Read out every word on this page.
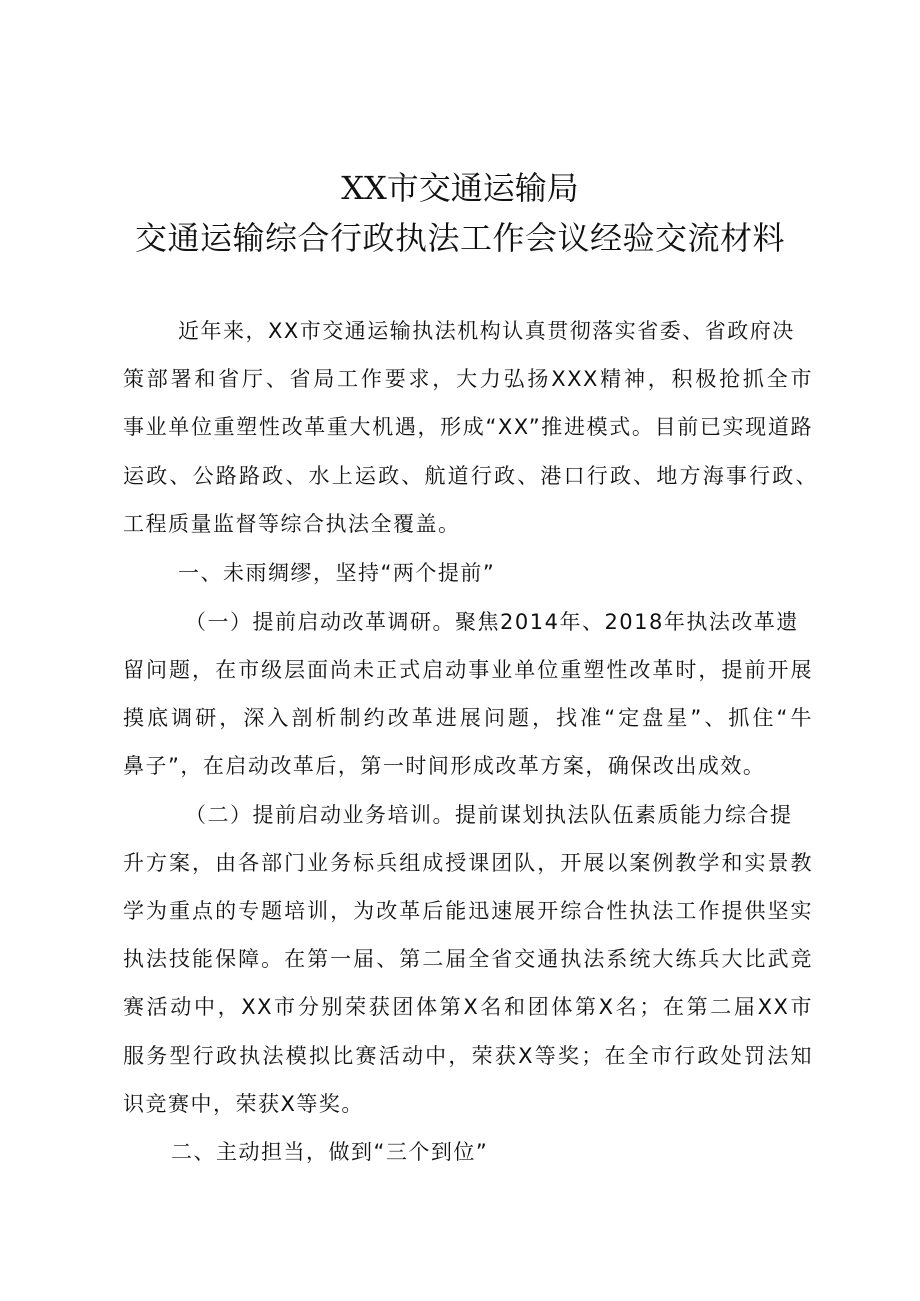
XX市交通运输局
交通运输综合行政执法工作会议经验交流材料
近年来，XX市交通运输执法机构认真贯彻落实省委、省政府决
策部署和省厅、省局工作要求，大力弘扬XXX精神，积极抢抓全市
事业单位重塑性改革重大机遇，形成“XX”推进模式。目前已实现道路
运政、公路路政、水上运政、航道行政、港口行政、地方海事行政、
工程质量监督等综合执法全覆盖。
一、未雨绸缪，坚持“两个提前”
（一）提前启动改革调研。聚焦2014年、2018年执法改革遗
留问题，在市级层面尚未正式启动事业单位重塑性改革时，提前开展
摸底调研，深入剖析制约改革进展问题，找准“定盘星”、抓住“牛
鼻子”，在启动改革后，第一时间形成改革方案，确保改出成效。
（二）提前启动业务培训。提前谋划执法队伍素质能力综合提
升方案，由各部门业务标兵组成授课团队，开展以案例教学和实景教
学为重点的专题培训，为改革后能迅速展开综合性执法工作提供坚实
执法技能保障。在第一届、第二届全省交通执法系统大练兵大比武竞
赛活动中，XX市分别荣获团体第X名和团体第X名；在第二届XX市
服务型行政执法模拟比赛活动中，荣获X等奖；在全市行政处罚法知
识竞赛中，荣获X等奖。
二、主动担当，做到“三个到位”
